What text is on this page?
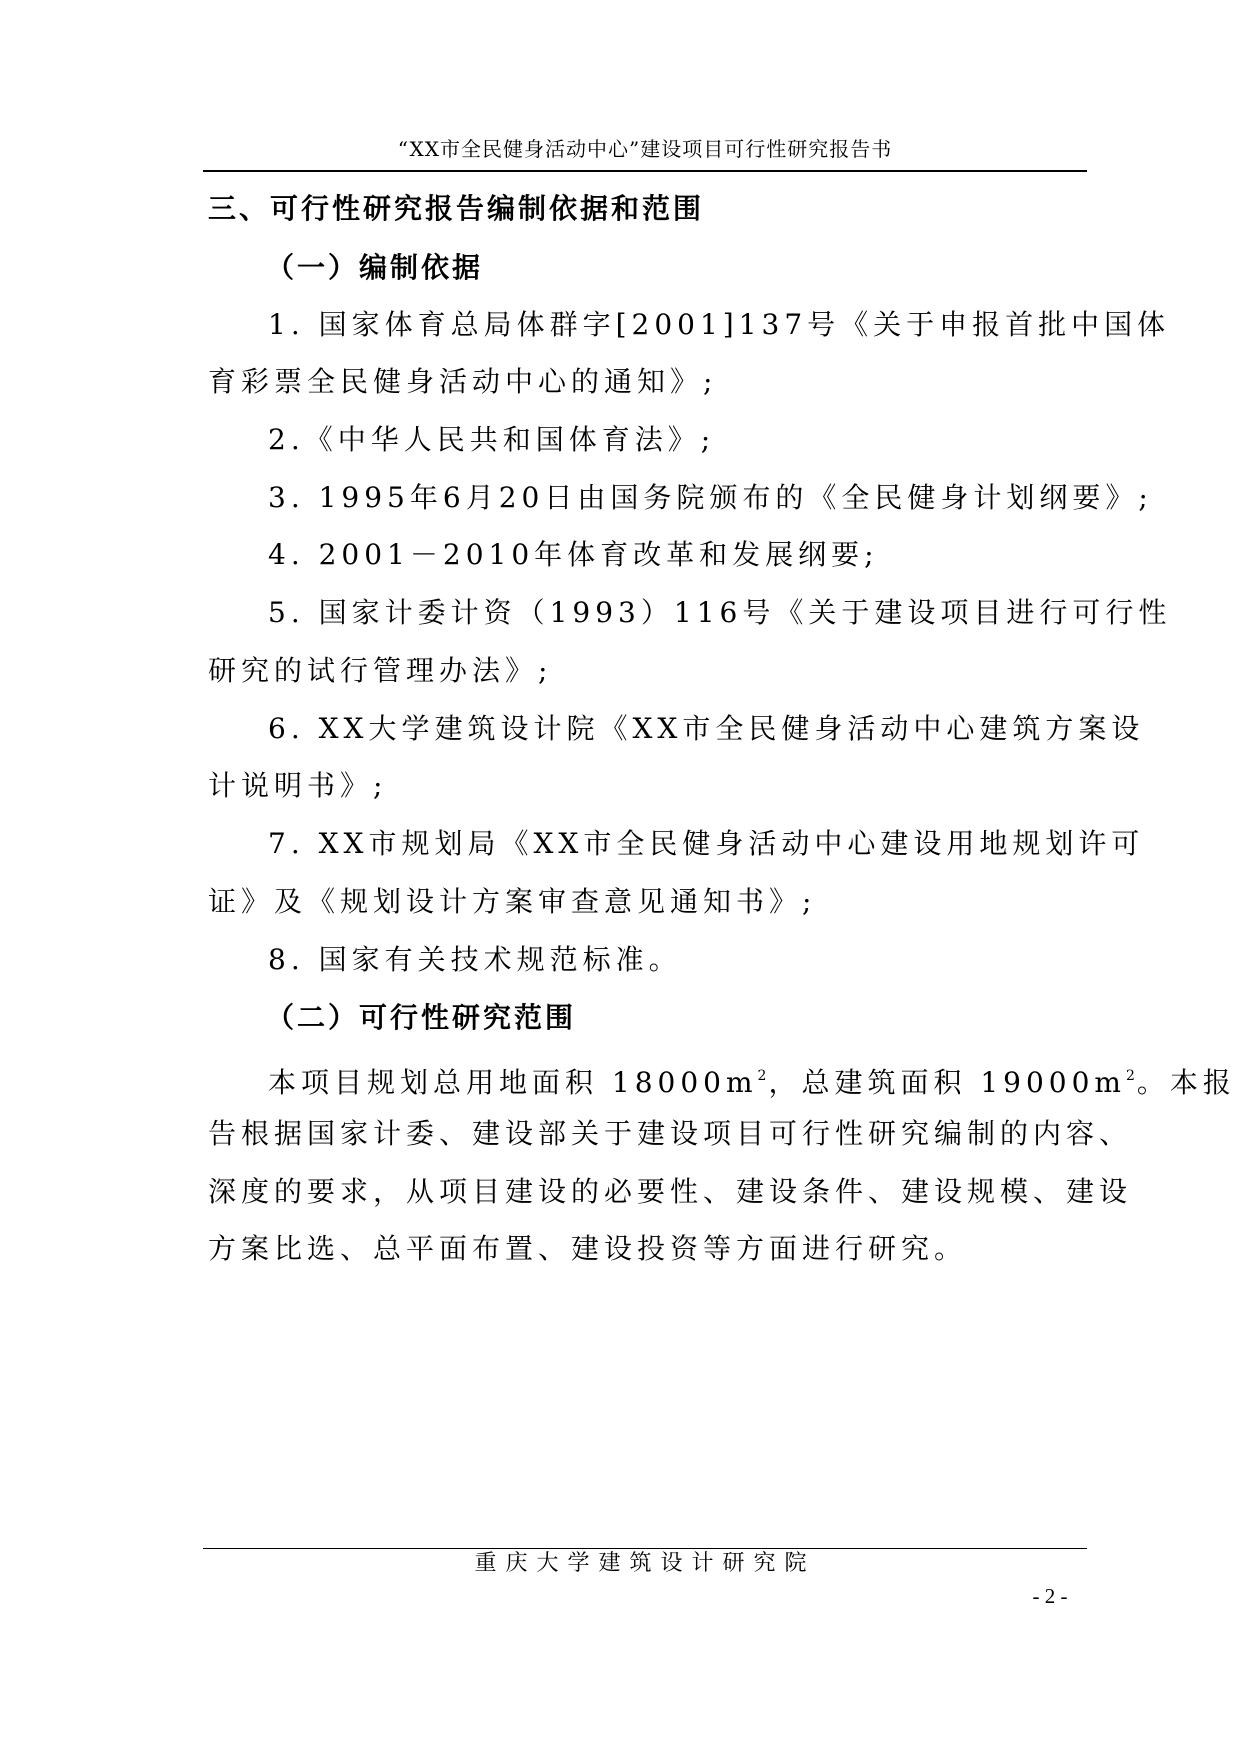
“XX市全民健身活动中心”建设项目可行性研究报告书
三、可行性研究报告编制依据和范围
（一）编制依据
1. 国家体育总局体群字[2001]137号《关于申报首批中国体
育彩票全民健身活动中心的通知》;
2.《中华人民共和国体育法》;
3. 1995年6月20日由国务院颁布的《全民健身计划纲要》;
4. 2001－2010年体育改革和发展纲要;
5. 国家计委计资（1993）116号《关于建设项目进行可行性
研究的试行管理办法》;
6. XX大学建筑设计院《XX市全民健身活动中心建筑方案设
计说明书》;
7. XX市规划局《XX市全民健身活动中心建设用地规划许可
证》及《规划设计方案审查意见通知书》;
8. 国家有关技术规范标准。
（二）可行性研究范围
本项目规划总用地面积 $18000m^2$，总建筑面积 $19000m^2$。本报
告根据国家计委、建设部关于建设项目可行性研究编制的内容、
深度的要求，从项目建设的必要性、建设条件、建设规模、建设
方案比选、总平面布置、建设投资等方面进行研究。
重庆大学建筑设计研究院
- 2 -
